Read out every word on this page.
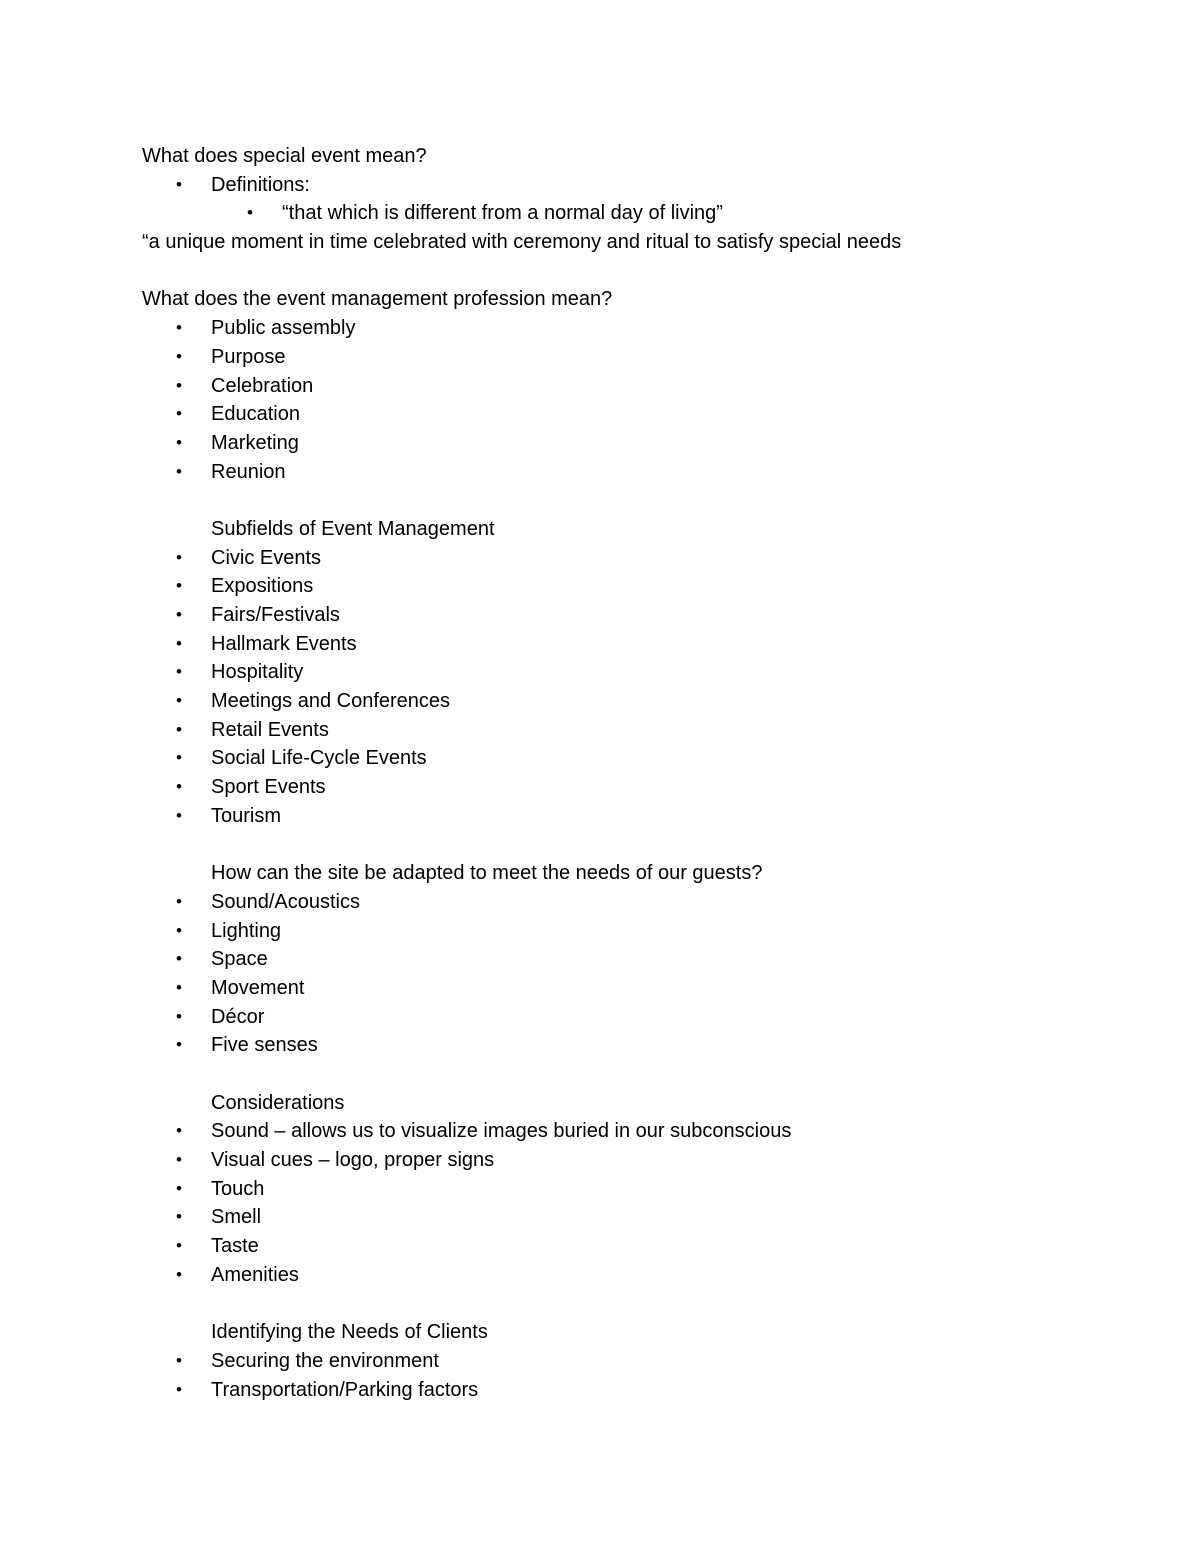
What does special event mean?
• Definitions:
• “that which is different from a normal day of living”
“a unique moment in time celebrated with ceremony and ritual to satisfy special needs
What does the event management profession mean?
• Public assembly
• Purpose
• Celebration
• Education
• Marketing
• Reunion
Subfields of Event Management
• Civic Events
• Expositions
• Fairs/Festivals
• Hallmark Events
• Hospitality
• Meetings and Conferences
• Retail Events
• Social Life-Cycle Events
• Sport Events
• Tourism
How can the site be adapted to meet the needs of our guests?
• Sound/Acoustics
• Lighting
• Space
• Movement
• Décor
• Five senses
Considerations
• Sound – allows us to visualize images buried in our subconscious
• Visual cues – logo, proper signs
• Touch
• Smell
• Taste
• Amenities
Identifying the Needs of Clients
• Securing the environment
• Transportation/Parking factors
